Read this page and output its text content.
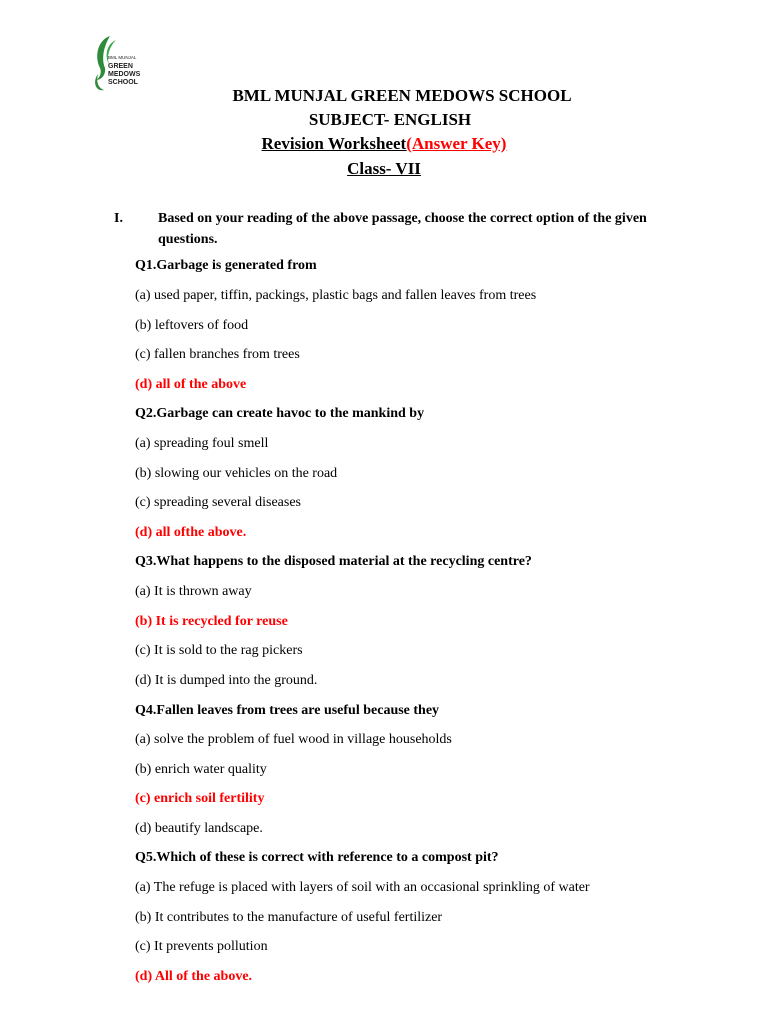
BML MUNJAL
GREEN
MEDOWS
SCHOOL
BML MUNJAL GREEN MEDOWS SCHOOL
SUBJECT- ENGLISH
Revision Worksheet(Answer Key)
Class- VII
I.	Based on your reading of the above passage, choose the correct option of the given questions.
Q1.Garbage is generated from
(a) used paper, tiffin, packings, plastic bags and fallen leaves from trees
(b) leftovers of food
(c) fallen branches from trees
(d) all of the above
Q2.Garbage can create havoc to the mankind by
(a) spreading foul smell
(b) slowing our vehicles on the road
(c) spreading several diseases
(d) all ofthe above.
Q3.What happens to the disposed material at the recycling centre?
(a) It is thrown away
(b) It is recycled for reuse
(c) It is sold to the rag pickers
(d) It is dumped into the ground.
Q4.Fallen leaves from trees are useful because they
(a) solve the problem of fuel wood in village households
(b) enrich water quality
(c) enrich soil fertility
(d) beautify landscape.
Q5.Which of these is correct with reference to a compost pit?
(a) The refuge is placed with layers of soil with an occasional sprinkling of water
(b) It contributes to the manufacture of useful fertilizer
(c) It prevents pollution
(d) All of the above.
